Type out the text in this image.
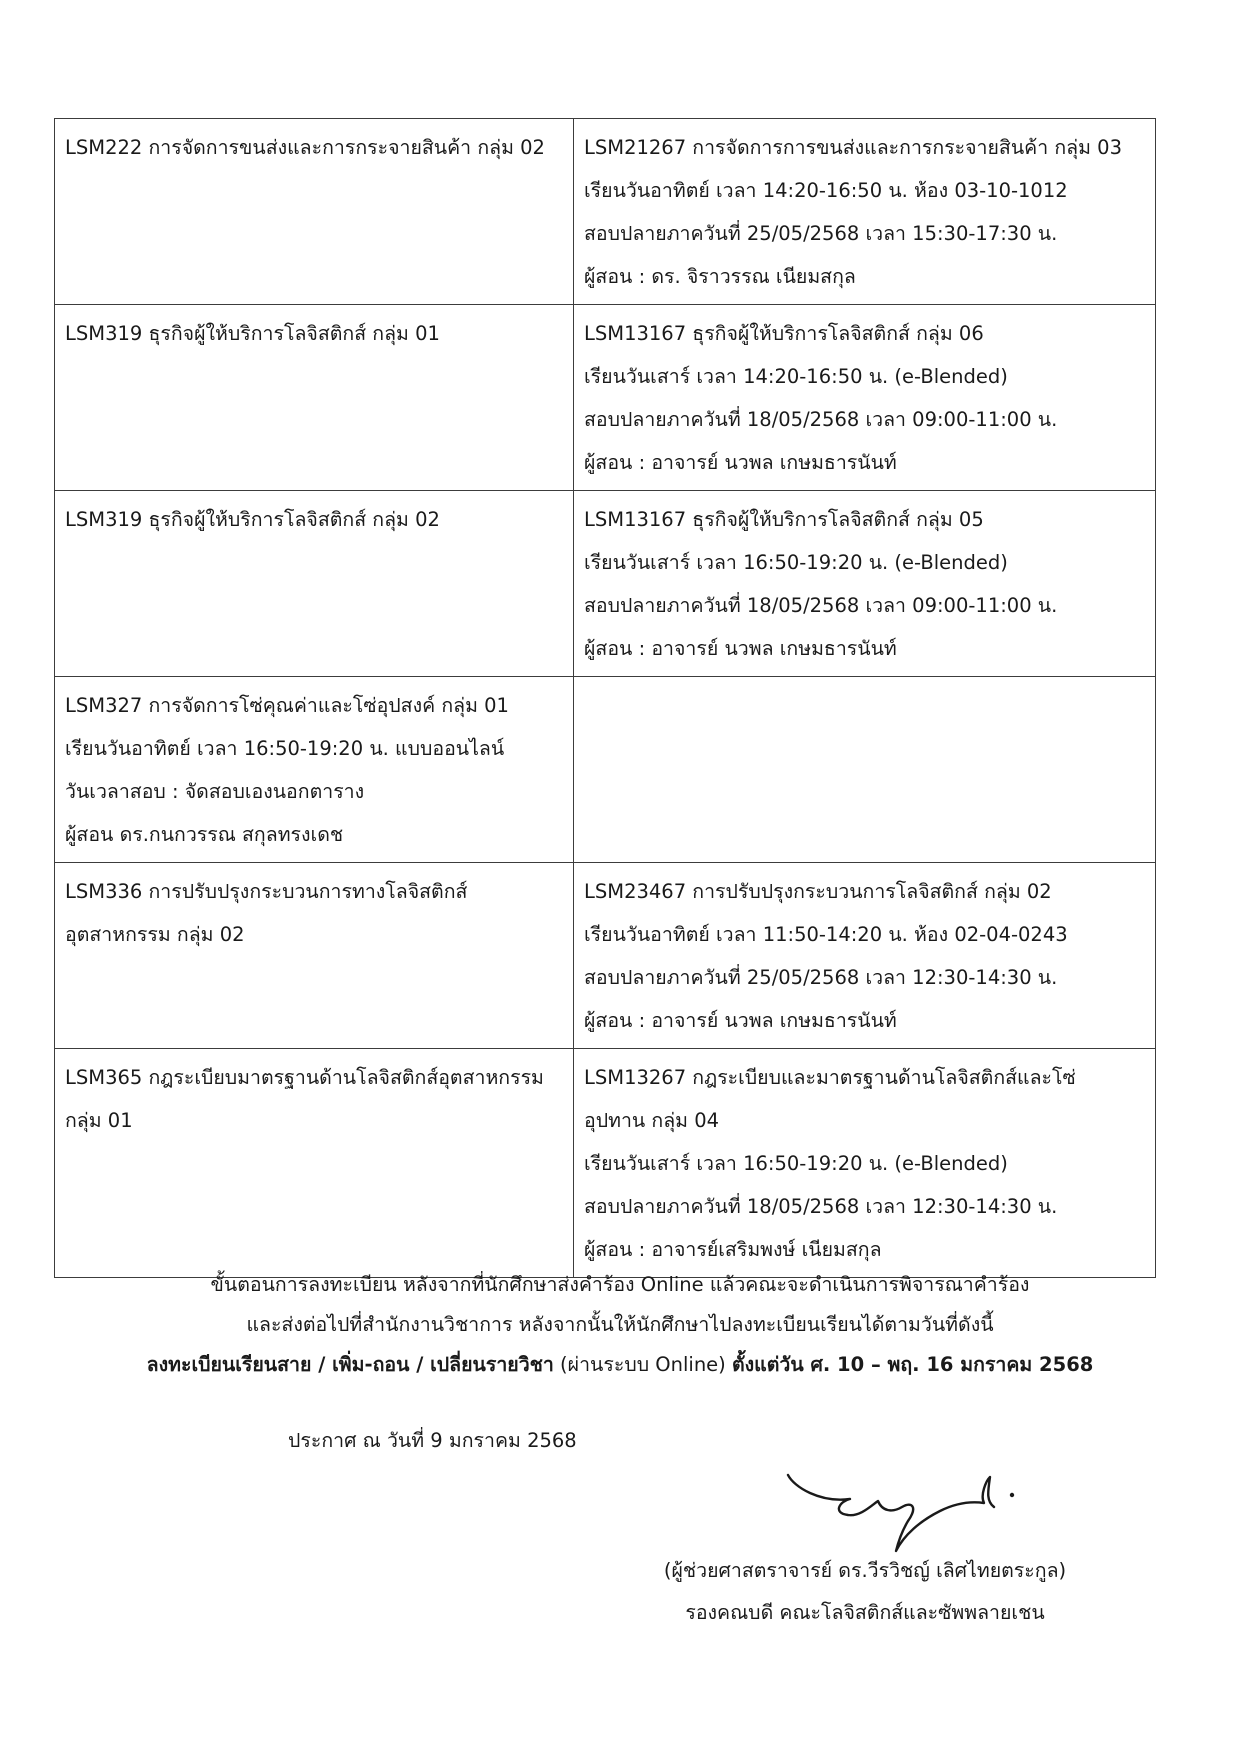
LSM222 การจัดการขนส่งและการกระจายสินค้า กลุ่ม 02	LSM21267 การจัดการการขนส่งและการกระจายสินค้า กลุ่ม 03
เรียนวันอาทิตย์ เวลา 14:20-16:50 น. ห้อง 03-10-1012
สอบปลายภาควันที่ 25/05/2568 เวลา 15:30-17:30 น.
ผู้สอน : ดร. จิราวรรณ เนียมสกุล

LSM319 ธุรกิจผู้ให้บริการโลจิสติกส์ กลุ่ม 01	LSM13167 ธุรกิจผู้ให้บริการโลจิสติกส์ กลุ่ม 06
เรียนวันเสาร์ เวลา 14:20-16:50 น. (e-Blended)
สอบปลายภาควันที่ 18/05/2568 เวลา 09:00-11:00 น.
ผู้สอน : อาจารย์ นวพล เกษมธารนันท์

LSM319 ธุรกิจผู้ให้บริการโลจิสติกส์ กลุ่ม 02	LSM13167 ธุรกิจผู้ให้บริการโลจิสติกส์ กลุ่ม 05
เรียนวันเสาร์ เวลา 16:50-19:20 น. (e-Blended)
สอบปลายภาควันที่ 18/05/2568 เวลา 09:00-11:00 น.
ผู้สอน : อาจารย์ นวพล เกษมธารนันท์

LSM327 การจัดการโซ่คุณค่าและโซ่อุปสงค์ กลุ่ม 01
เรียนวันอาทิตย์ เวลา 16:50-19:20 น. แบบออนไลน์
วันเวลาสอบ : จัดสอบเองนอกตาราง
ผู้สอน ดร.กนกวรรณ สกุลทรงเดช	

LSM336 การปรับปรุงกระบวนการทางโลจิสติกส์
อุตสาหกรรม กลุ่ม 02	LSM23467 การปรับปรุงกระบวนการโลจิสติกส์ กลุ่ม 02
เรียนวันอาทิตย์ เวลา 11:50-14:20 น. ห้อง 02-04-0243
สอบปลายภาควันที่ 25/05/2568 เวลา 12:30-14:30 น.
ผู้สอน : อาจารย์ นวพล เกษมธารนันท์

LSM365 กฎระเบียบมาตรฐานด้านโลจิสติกส์อุตสาหกรรม
กลุ่ม 01	LSM13267 กฎระเบียบและมาตรฐานด้านโลจิสติกส์และโซ่
อุปทาน กลุ่ม 04
เรียนวันเสาร์ เวลา 16:50-19:20 น. (e-Blended)
สอบปลายภาควันที่ 18/05/2568 เวลา 12:30-14:30 น.
ผู้สอน : อาจารย์เสริมพงษ์ เนียมสกุล
ขั้นตอนการลงทะเบียน หลังจากที่นักศึกษาส่งคำร้อง Online แล้วคณะจะดำเนินการพิจารณาคำร้อง
และส่งต่อไปที่สำนักงานวิชาการ หลังจากนั้นให้นักศึกษาไปลงทะเบียนเรียนได้ตามวันที่ดังนี้
ลงทะเบียนเรียนสาย / เพิ่ม-ถอน / เปลี่ยนรายวิชา (ผ่านระบบ Online) ตั้งแต่วัน ศ. 10 – พฤ. 16 มกราคม 2568
ประกาศ ณ วันที่ 9 มกราคม 2568
(ผู้ช่วยศาสตราจารย์ ดร.วีรวิชญ์ เลิศไทยตระกูล)
รองคณบดี คณะโลจิสติกส์และซัพพลายเชน
